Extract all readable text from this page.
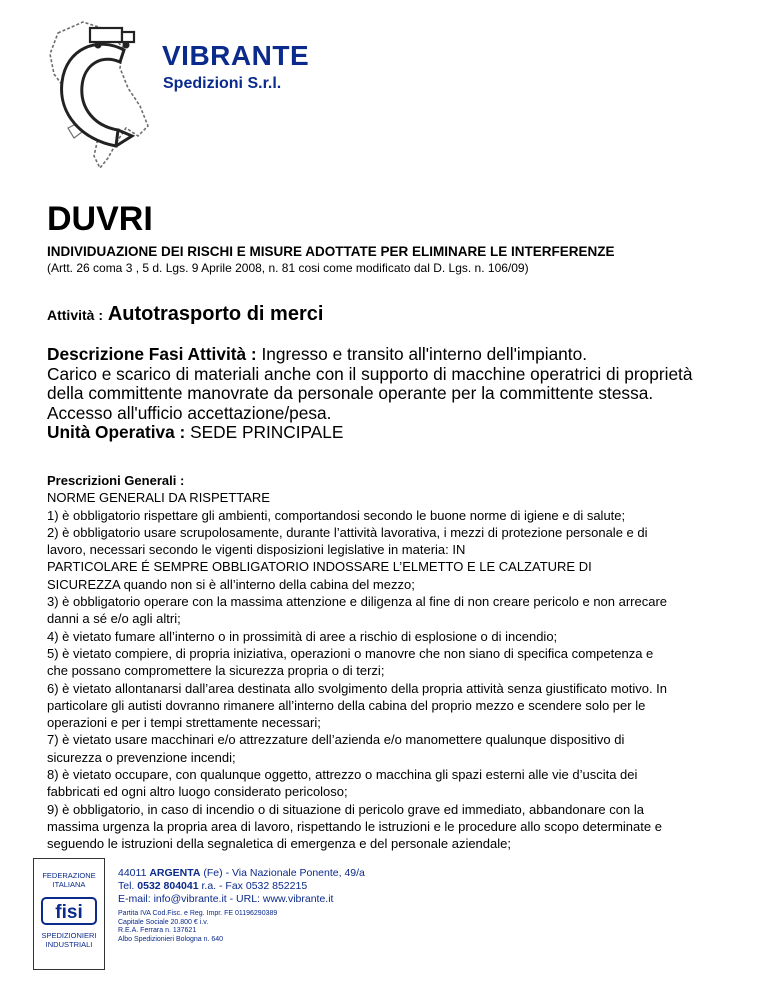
VIBRANTE
Spedizioni S.r.l.
DUVRI
INDIVIDUAZIONE DEI RISCHI E MISURE ADOTTATE PER ELIMINARE LE INTERFERENZE
(Artt. 26 coma 3 , 5 d. Lgs. 9 Aprile 2008, n. 81 cosi come modificato dal D. Lgs. n. 106/09)
Attività : Autotrasporto di merci
Descrizione Fasi Attività : Ingresso e transito all'interno dell'impianto.
Carico e scarico di materiali anche con il supporto di macchine operatrici di proprietà
della committente manovrate da personale operante per la committente stessa.
Accesso all'ufficio accettazione/pesa.
Unità Operativa : SEDE PRINCIPALE
Prescrizioni Generali :
NORME GENERALI DA RISPETTARE
1) è obbligatorio rispettare gli ambienti, comportandosi secondo le buone norme di igiene e di salute;
2) è obbligatorio usare scrupolosamente, durante l’attività lavorativa, i mezzi di protezione personale e di
lavoro, necessari secondo le vigenti disposizioni legislative in materia: IN
PARTICOLARE É SEMPRE OBBLIGATORIO INDOSSARE L’ELMETTO E LE CALZATURE DI
SICUREZZA quando non si è all’interno della cabina del mezzo;
3) è obbligatorio operare con la massima attenzione e diligenza al fine di non creare pericolo e non arrecare
danni a sé e/o agli altri;
4) è vietato fumare all’interno o in prossimità di aree a rischio di esplosione o di incendio;
5) è vietato compiere, di propria iniziativa, operazioni o manovre che non siano di specifica competenza e
che possano compromettere la sicurezza propria o di terzi;
6) è vietato allontanarsi dall’area destinata allo svolgimento della propria attività senza giustificato motivo. In
particolare gli autisti dovranno rimanere all’interno della cabina del proprio mezzo e scendere solo per le
operazioni e per i tempi strettamente necessari;
7) è vietato usare macchinari e/o attrezzature dell’azienda e/o manomettere qualunque dispositivo di
sicurezza o prevenzione incendi;
8) è vietato occupare, con qualunque oggetto, attrezzo o macchina gli spazi esterni alle vie d’uscita dei
fabbricati ed ogni altro luogo considerato pericoloso;
9) è obbligatorio, in caso di incendio o di situazione di pericolo grave ed immediato, abbandonare con la
massima urgenza la propria area di lavoro, rispettando le istruzioni e le procedure allo scopo determinate e
seguendo le istruzioni della segnaletica di emergenza e del personale aziendale;
FEDERAZIONE
ITALIANA
fisi
SPEDIZIONIERI
INDUSTRIALI
44011 ARGENTA (Fe) - Via Nazionale Ponente, 49/a
Tel. 0532 804041 r.a. - Fax 0532 852215
E-mail: info@vibrante.it - URL: www.vibrante.it
Partita IVA Cod.Fisc. e Reg. Impr. FE 01196290389
Capitale Sociale 20.800 € i.v.
R.E.A. Ferrara n. 137621
Albo Spedizionieri Bologna n. 640
